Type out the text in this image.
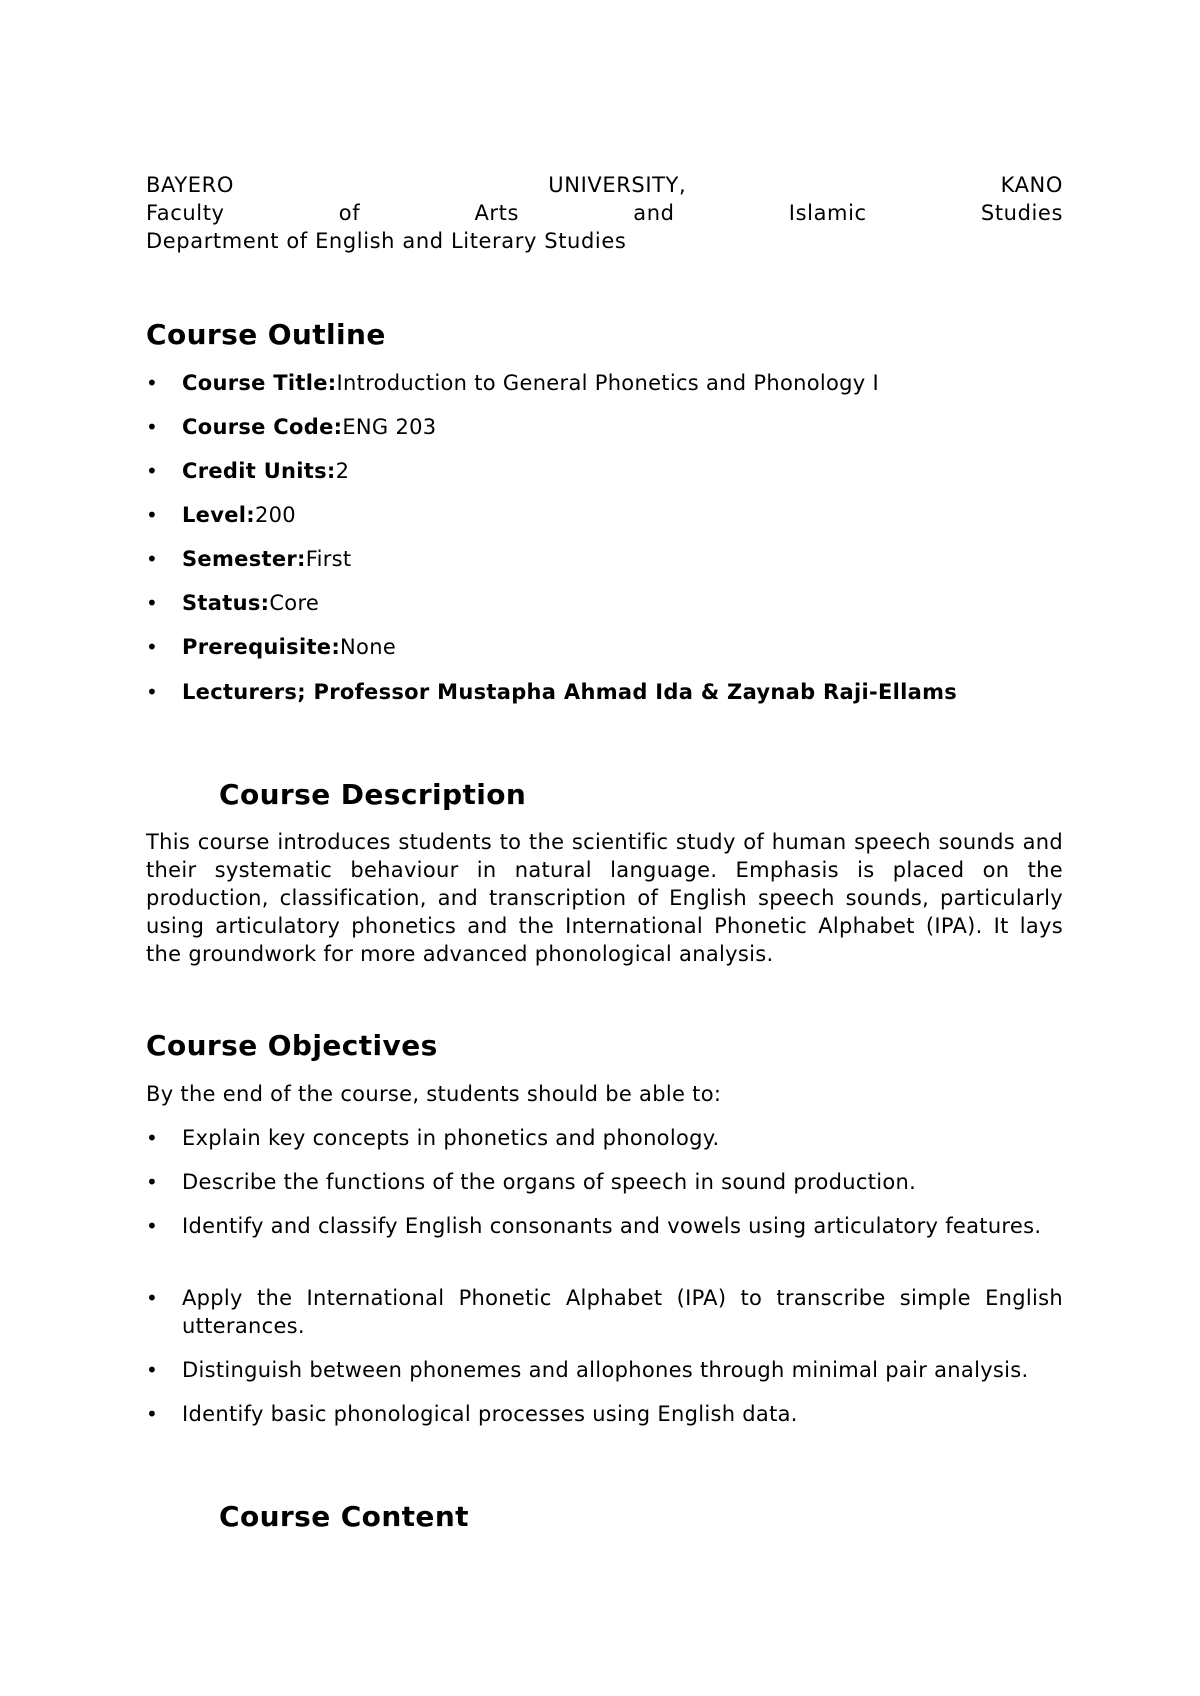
BAYERO	UNIVERSITY,	KANO
Faculty	of	Arts	and	Islamic	Studies
Department of English and Literary Studies
Course Outline
•	Course Title:Introduction to General Phonetics and Phonology I
•	Course Code:ENG 203
•	Credit Units:2
•	Level:200
•	Semester:First
•	Status:Core
•	Prerequisite:None
•	Lecturers; Professor Mustapha Ahmad Ida & Zaynab Raji-Ellams
Course Description

This course introduces students to the scientific study of human speech sounds and their systematic behaviour in natural language. Emphasis is placed on the production, classification, and transcription of English speech sounds, particularly using articulatory phonetics and the International Phonetic Alphabet (IPA). It lays the groundwork for more advanced phonological analysis.

Course Objectives
By the end of the course, students should be able to:
•	Explain key concepts in phonetics and phonology.
•	Describe the functions of the organs of speech in sound production.
•	Identify and classify English consonants and vowels using articulatory features.
•	Apply the International Phonetic Alphabet (IPA) to transcribe simple English utterances.
•	Distinguish between phonemes and allophones through minimal pair analysis.
•	Identify basic phonological processes using English data.
Course Content
